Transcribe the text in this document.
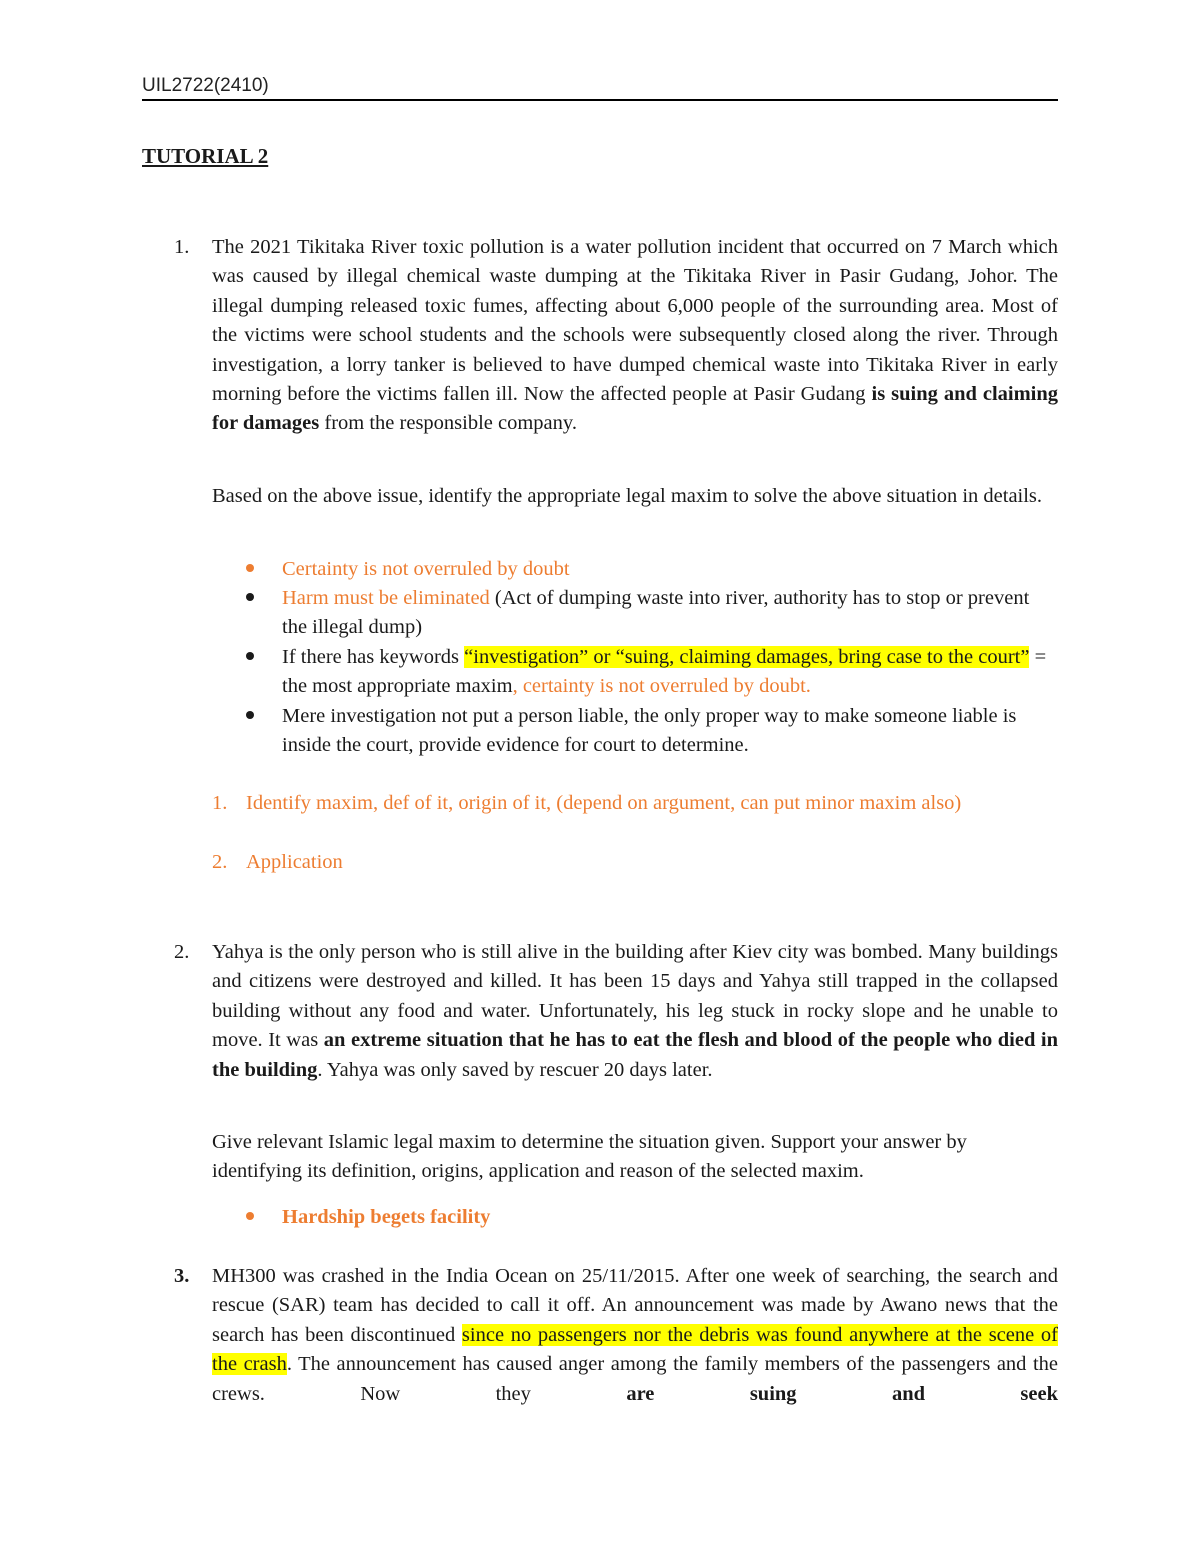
UIL2722(2410)
TUTORIAL 2
1. The 2021 Tikitaka River toxic pollution is a water pollution incident that occurred on 7 March which was caused by illegal chemical waste dumping at the Tikitaka River in Pasir Gudang, Johor. The illegal dumping released toxic fumes, affecting about 6,000 people of the surrounding area. Most of the victims were school students and the schools were subsequently closed along the river. Through investigation, a lorry tanker is believed to have dumped chemical waste into Tikitaka River in early morning before the victims fallen ill. Now the affected people at Pasir Gudang is suing and claiming for damages from the responsible company.
Based on the above issue, identify the appropriate legal maxim to solve the above situation in details.
Certainty is not overruled by doubt
Harm must be eliminated (Act of dumping waste into river, authority has to stop or prevent the illegal dump)
If there has keywords “investigation” or “suing, claiming damages, bring case to the court” = the most appropriate maxim, certainty is not overruled by doubt.
Mere investigation not put a person liable, the only proper way to make someone liable is inside the court, provide evidence for court to determine.
1. Identify maxim, def of it, origin of it, (depend on argument, can put minor maxim also)
2. Application
2. Yahya is the only person who is still alive in the building after Kiev city was bombed. Many buildings and citizens were destroyed and killed. It has been 15 days and Yahya still trapped in the collapsed building without any food and water. Unfortunately, his leg stuck in rocky slope and he unable to move. It was an extreme situation that he has to eat the flesh and blood of the people who died in the building. Yahya was only saved by rescuer 20 days later.
Give relevant Islamic legal maxim to determine the situation given. Support your answer by identifying its definition, origins, application and reason of the selected maxim.
Hardship begets facility
3. MH300 was crashed in the India Ocean on 25/11/2015. After one week of searching, the search and rescue (SAR) team has decided to call it off. An announcement was made by Awano news that the search has been discontinued since no passengers nor the debris was found anywhere at the scene of the crash. The announcement has caused anger among the family members of the passengers and the crews. Now they are suing and seek
